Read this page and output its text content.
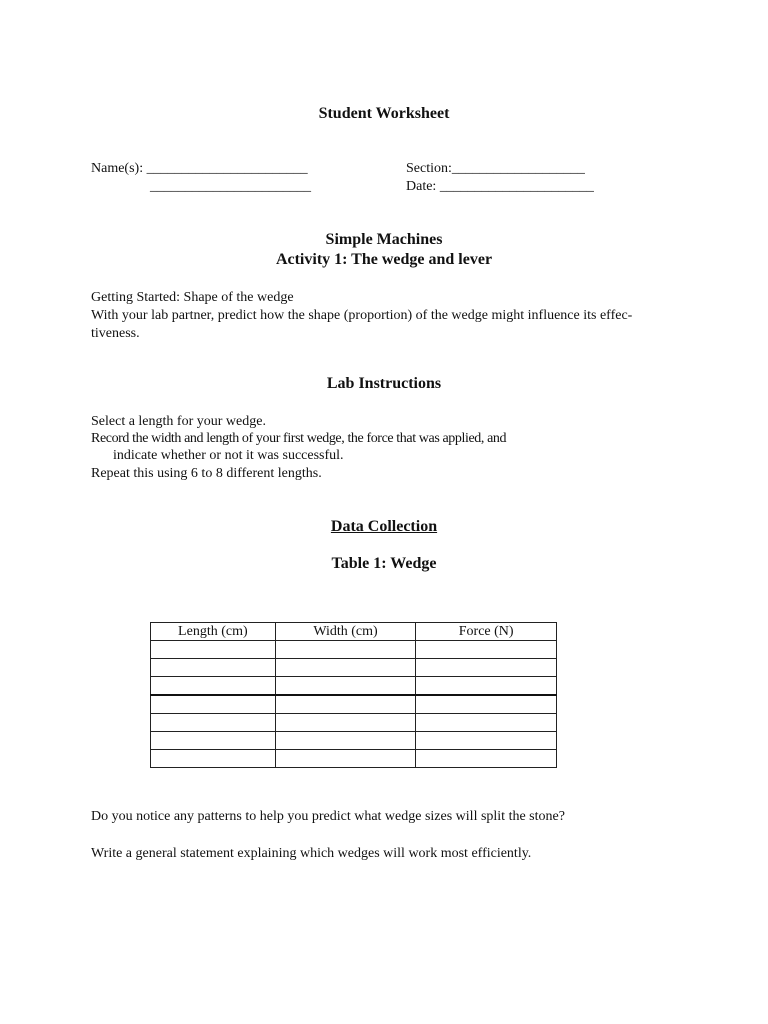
Student Worksheet
Name(s): _______________________
_______________________
Section:___________________
Date: ______________________
Simple Machines
Activity 1: The wedge and lever
Getting Started: Shape of the wedge
With your lab partner, predict how the shape (proportion) of the wedge might influence its effec-
tiveness.
Lab Instructions
Select a length for your wedge.
Record the width and length of your first wedge, the force that was applied, and
indicate whether or not it was successful.
Repeat this using 6 to 8 different lengths.
Data Collection
Table 1: Wedge
Length (cm)	Width (cm)	Force (N)

Do you notice any patterns to help you predict what wedge sizes will split the stone?
Write a general statement explaining which wedges will work most efficiently.
